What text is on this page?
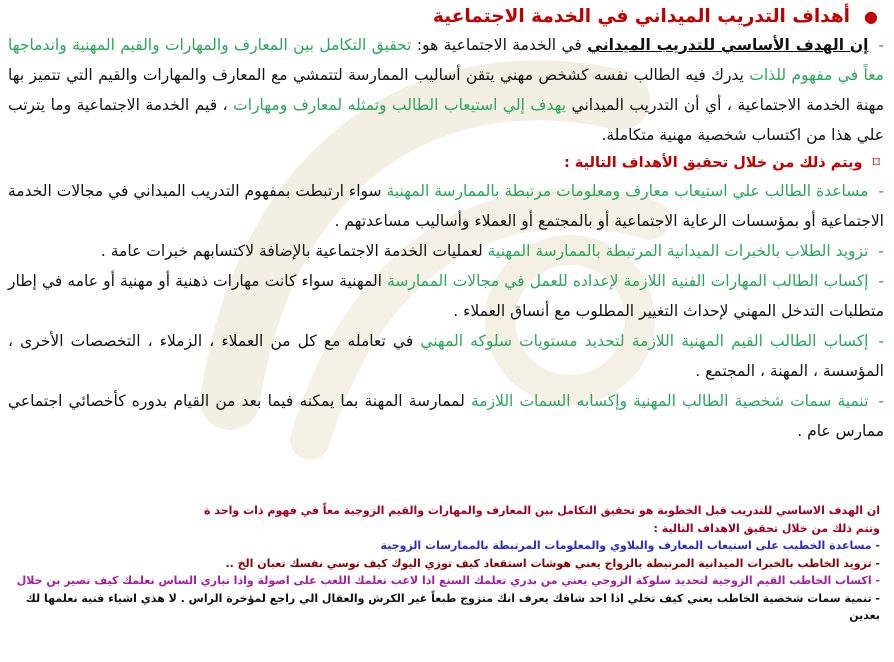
●أهداف التدريب الميداني في الخدمة الاجتماعية

-إن الهدف الأساسي للتدريب الميداني في الخدمة الاجتماعية هو: تحقيق التكامل بين المعارف والمهارات والقيم المهنية واندماجها معاً في مفهوم للذات يدرك فيه الطالب نفسه كشخص مهني يتقن أساليب الممارسة لتتمشي مع المعارف والمهارات والقيم التي تتميز بها مهنة الخدمة الاجتماعية ، أي أن التدريب الميداني يهدف إلي استيعاب الطالب وتمثله لمعارف ومهارات ، قيم الخدمة الاجتماعية وما يترتب علي هذا من اكتساب شخصية مهنية متكاملة.

⌑ويتم ذلك من خلال تحقيق الأهداف التالية :

-مساعدة الطالب علي استيعاب معارف ومعلومات مرتبطة بالممارسة المهنية سواء ارتبطت بمفهوم التدريب الميداني في مجالات الخدمة الاجتماعية أو بمؤسسات الرعاية الاجتماعية أو بالمجتمع أو العملاء وأساليب مساعدتهم .

-تزويد الطلاب بالخبرات الميدانية المرتبطة بالممارسة المهنية لعمليات الخدمة الاجتماعية بالإضافة لاكتسابهم خبرات عامة .

-إكساب الطالب المهارات الفنية اللازمة لإعداده للعمل في مجالات الممارسة المهنية سواء كانت مهارات ذهنية أو مهنية أو عامه في إطار متطلبات التدخل المهني لإحداث التغيير المطلوب مع أنساق العملاء .

-إكساب الطالب القيم المهنية اللازمة لتحديد مستويات سلوكه المهني في تعامله مع كل من العملاء ، الزملاء ، التخصصات الأخرى ، المؤسسة ، المهنة ، المجتمع .

-تنمية سمات شخصية الطالب المهنية وإكسابه السمات اللازمة لممارسة المهنة بما يمكنه فيما بعد من القيام بدوره كأخصائي اجتماعي ممارس عام .

ان الهدف الاساسي للتدريب قبل الخطوبة هو تحقيق التكامل بين المعارف والمهارات والقيم الزوجية معاً في فهوم ذات واحد ة

وتتم ذلك من خلال تحقيق الاهداف التالية :

- مساعدة الخطيب على استيعاب المعارف والبلاوي والمعلومات المرتبطة بالممارسات الزوجية

- تزويد الخاطب بالخبرات الميدانية المرتبطة بالزواج يعني هوشات استقعاد كيف توزي اليوك كيف توسي نفسك تعبان الخ ..

- اكساب الخاطب القيم الزوجية لتحديد سلوكة الزوجي يعني من بدري تعلمك السنع اذا لاعب تعلمك اللعب على اصولة واذا تباري الساس نعلمك كيف تصير بن حلال

- تنمية سمات شخصية الخاطب يعني كيف تخلي اذا احد شافك يعرف انك متزوج طبعاً غير الكرش والعقال الي راجع لمؤخرة الراس . لا هذي اشياء فنية نعلمها لك بعدين
